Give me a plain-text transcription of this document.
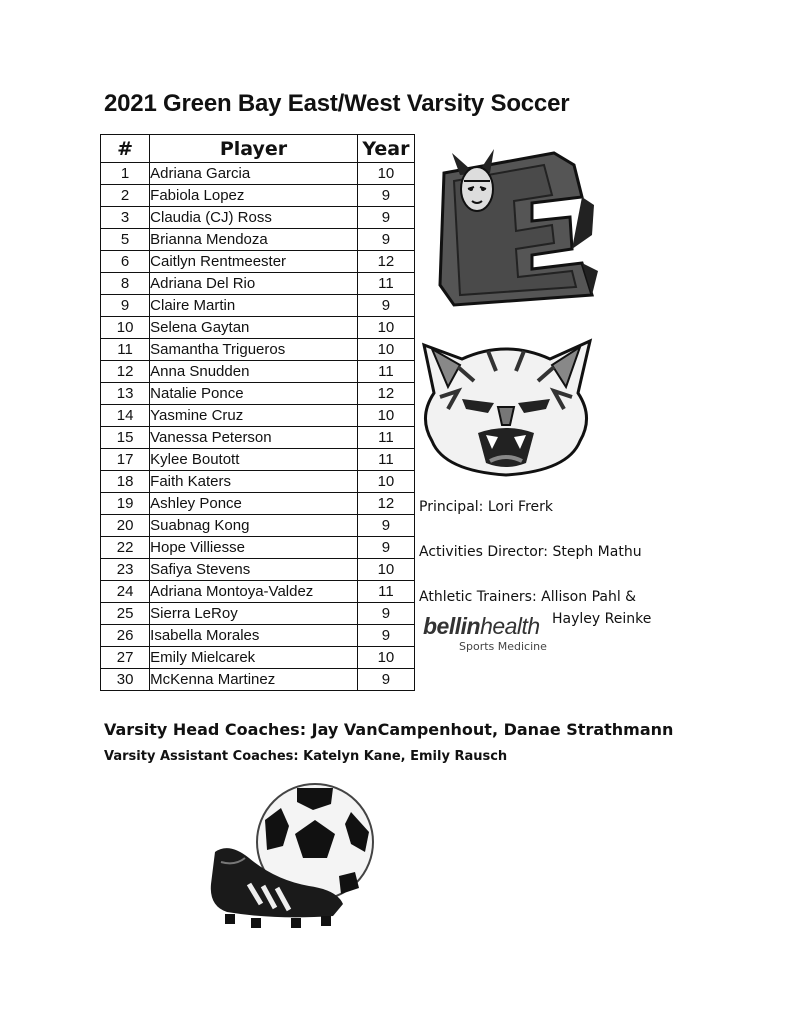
2021 Green Bay East/West Varsity Soccer
#	Player	Year
1	Adriana Garcia	10
2	Fabiola Lopez	9
3	Claudia (CJ) Ross	9
5	Brianna Mendoza	9
6	Caitlyn Rentmeester	12
8	Adriana Del Rio	11
9	Claire Martin	9
10	Selena Gaytan	10
11	Samantha Trigueros	10
12	Anna Snudden	11
13	Natalie Ponce	12
14	Yasmine Cruz	10
15	Vanessa Peterson	11
17	Kylee Boutott	11
18	Faith Katers	10
19	Ashley Ponce	12
20	Suabnag Kong	9
22	Hope Villiesse	9
23	Safiya Stevens	10
24	Adriana Montoya-Valdez	11
25	Sierra LeRoy	9
26	Isabella Morales	9
27	Emily Mielcarek	10
30	McKenna Martinez	9
Principal: Lori Frerk
Activities Director: Steph Mathu
Athletic Trainers: Allison Pahl &
Hayley Reinke
bellinhealth
Sports Medicine
Varsity Head Coaches: Jay VanCampenhout, Danae Strathmann
Varsity Assistant Coaches: Katelyn Kane, Emily Rausch
